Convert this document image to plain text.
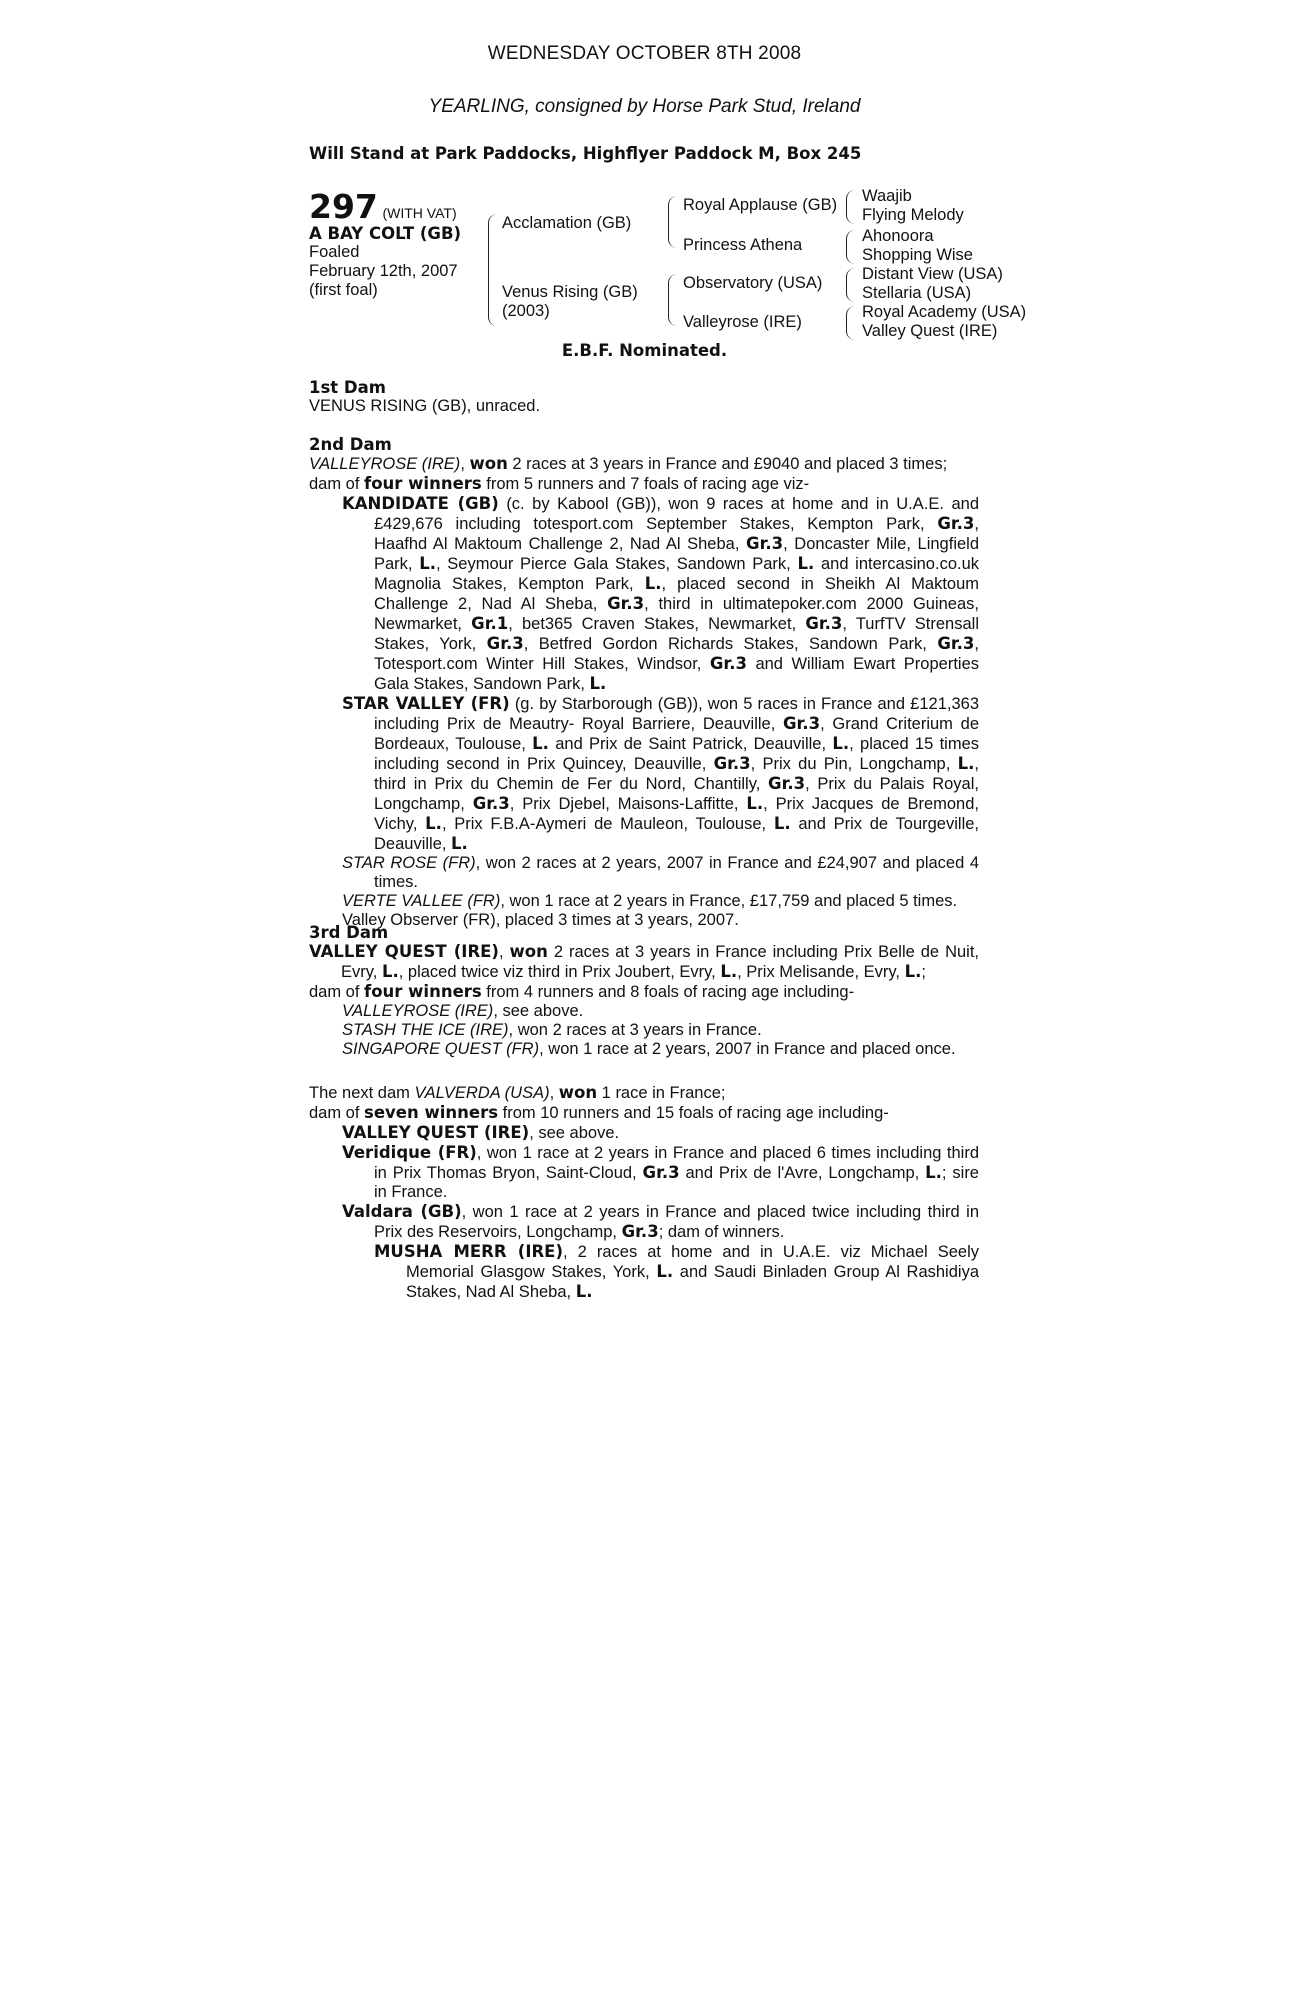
WEDNESDAY OCTOBER 8TH 2008
YEARLING, consigned by Horse Park Stud, Ireland
Will Stand at Park Paddocks, Highflyer Paddock M, Box 245
297 (WITH VAT)
A BAY COLT (GB)
Foaled
February 12th, 2007
(first foal)
Acclamation (GB)
Venus Rising (GB)
(2003)
Royal Applause (GB)
Princess Athena
Observatory (USA)
Valleyrose (IRE)
Waajib
Flying Melody
Ahonoora
Shopping Wise
Distant View (USA)
Stellaria (USA)
Royal Academy (USA)
Valley Quest (IRE)
E.B.F. Nominated.
1st Dam
VENUS RISING (GB), unraced.
2nd Dam

VALLEYROSE (IRE), won 2 races at 3 years in France and £9040 and placed 3 times;

dam of four winners from 5 runners and 7 foals of racing age viz-

KANDIDATE (GB) (c. by Kabool (GB)), won 9 races at home and in U.A.E. and £429,676 including totesport.com September Stakes, Kempton Park, Gr.3, Haafhd Al Maktoum Challenge 2, Nad Al Sheba, Gr.3, Doncaster Mile, Lingfield Park, L., Seymour Pierce Gala Stakes, Sandown Park, L. and intercasino.co.uk Magnolia Stakes, Kempton Park, L., placed second in Sheikh Al Maktoum Challenge 2, Nad Al Sheba, Gr.3, third in ultimatepoker.com 2000 Guineas, Newmarket, Gr.1, bet365 Craven Stakes, Newmarket, Gr.3, TurfTV Strensall Stakes, York, Gr.3, Betfred Gordon Richards Stakes, Sandown Park, Gr.3, Totesport.com Winter Hill Stakes, Windsor, Gr.3 and William Ewart Properties Gala Stakes, Sandown Park, L.

STAR VALLEY (FR) (g. by Starborough (GB)), won 5 races in France and £121,363 including Prix de Meautry- Royal Barriere, Deauville, Gr.3, Grand Criterium de Bordeaux, Toulouse, L. and Prix de Saint Patrick, Deauville, L., placed 15 times including second in Prix Quincey, Deauville, Gr.3, Prix du Pin, Longchamp, L., third in Prix du Chemin de Fer du Nord, Chantilly, Gr.3, Prix du Palais Royal, Longchamp, Gr.3, Prix Djebel, Maisons-Laffitte, L., Prix Jacques de Bremond, Vichy, L., Prix F.B.A-Aymeri de Mauleon, Toulouse, L. and Prix de Tourgeville, Deauville, L.

STAR ROSE (FR), won 2 races at 2 years, 2007 in France and £24,907 and placed 4 times.

VERTE VALLEE (FR), won 1 race at 2 years in France, £17,759 and placed 5 times.

Valley Observer (FR), placed 3 times at 3 years, 2007.

3rd Dam

VALLEY QUEST (IRE), won 2 races at 3 years in France including Prix Belle de Nuit, Evry, L., placed twice viz third in Prix Joubert, Evry, L., Prix Melisande, Evry, L.;

dam of four winners from 4 runners and 8 foals of racing age including-

VALLEYROSE (IRE), see above.

STASH THE ICE (IRE), won 2 races at 3 years in France.

SINGAPORE QUEST (FR), won 1 race at 2 years, 2007 in France and placed once.

The next dam VALVERDA (USA), won 1 race in France;

dam of seven winners from 10 runners and 15 foals of racing age including-

VALLEY QUEST (IRE), see above.

Veridique (FR), won 1 race at 2 years in France and placed 6 times including third in Prix Thomas Bryon, Saint-Cloud, Gr.3 and Prix de l'Avre, Longchamp, L.; sire in France.

Valdara (GB), won 1 race at 2 years in France and placed twice including third in Prix des Reservoirs, Longchamp, Gr.3; dam of winners.

MUSHA MERR (IRE), 2 races at home and in U.A.E. viz Michael Seely Memorial Glasgow Stakes, York, L. and Saudi Binladen Group Al Rashidiya Stakes, Nad Al Sheba, L.
